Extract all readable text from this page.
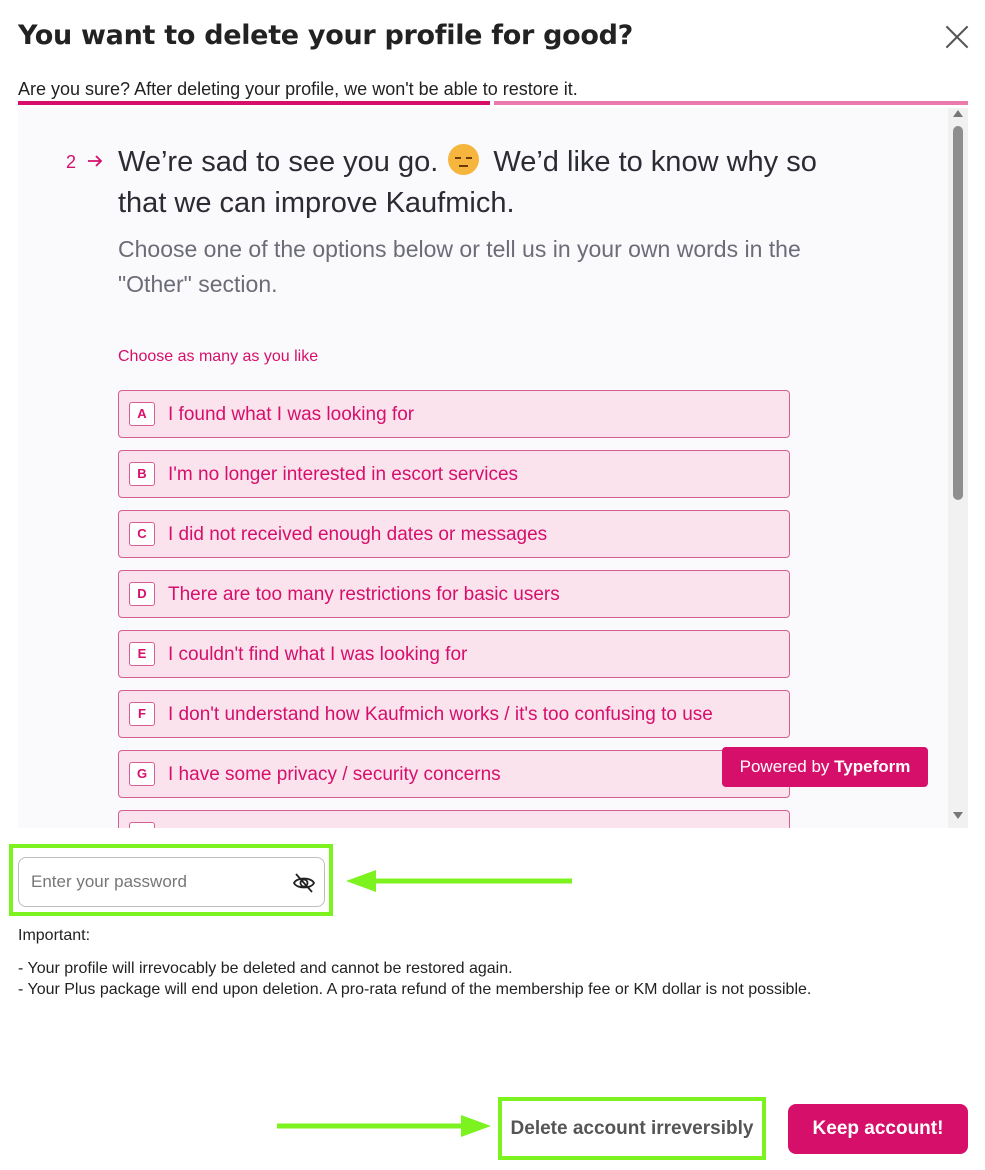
You want to delete your profile for good?
Are you sure? After deleting your profile, we won't be able to restore it.
2 We’re sad to see you go. We’d like to know why so that we can improve Kaufmich.
Choose one of the options below or tell us in your own words in the "Other" section.
Choose as many as you like
A	I found what I was looking for
B	I'm no longer interested in escort services
C	I did not received enough dates or messages
D	There are too many restrictions for basic users
E	I couldn't find what I was looking for
F	I don't understand how Kaufmich works / it's too confusing to use
G	I have some privacy / security concerns	Powered by Typeform
Important:
- Your profile will irrevocably be deleted and cannot be restored again.
- Your Plus package will end upon deletion. A pro-rata refund of the membership fee or KM dollar is not possible.
Delete account irreversibly	Keep account!
